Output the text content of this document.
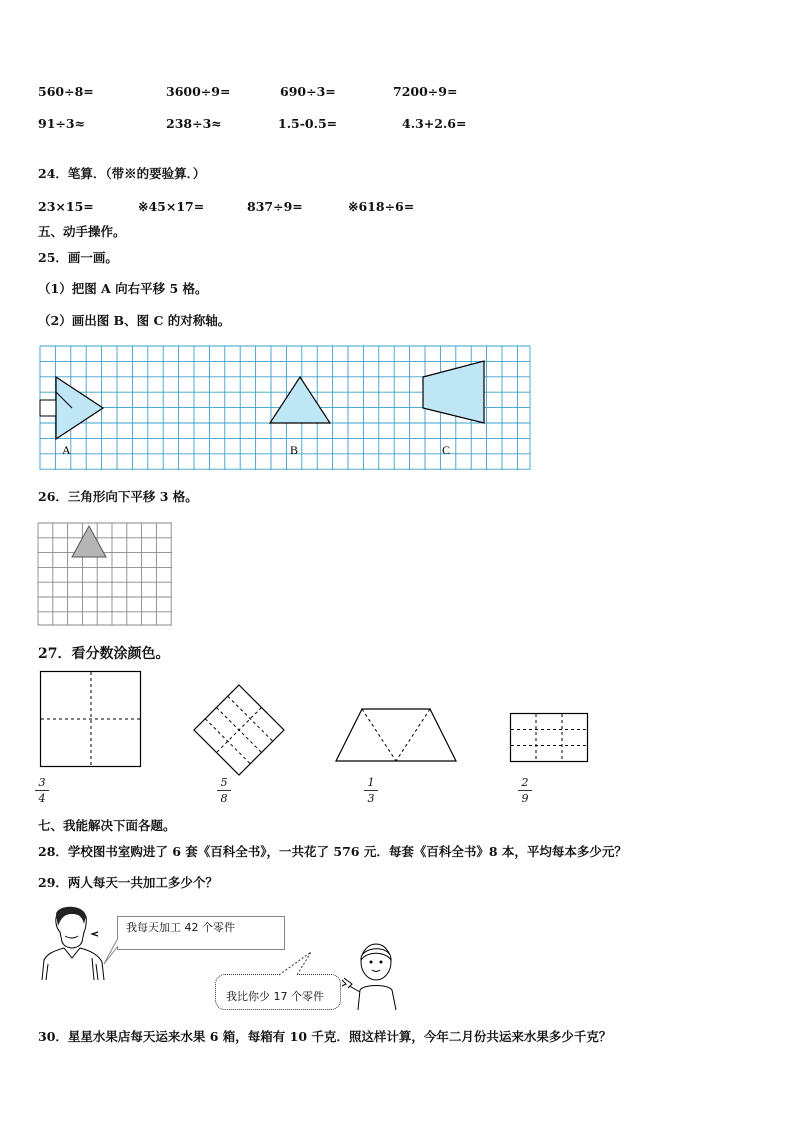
560÷8=	3600÷9=	690÷3=	7200÷9=
91÷3≈	238÷3≈	1.5-0.5=	4.3+2.6=
24．笔算．（带※的要验算．）
23×15=	※45×17=	837÷9=	※618÷6=
五、动手操作。
25．画一画。
（1）把图 A 向右平移 5 格。
（2）画出图 B、图 C 的对称轴。
A	B	C
26．三角形向下平移 3 格。
27．看分数涂颜色。
3
4
5
8
1
3
2
9
七、我能解决下面各题。
28．学校图书室购进了 6 套《百科全书》，一共花了 576 元．每套《百科全书》8 本，平均每本多少元？
29．两人每天一共加工多少个？
我每天加工 42 个零件
我比你少 17 个零件
30．星星水果店每天运来水果 6 箱，每箱有 10 千克．照这样计算，今年二月份共运来水果多少千克？
